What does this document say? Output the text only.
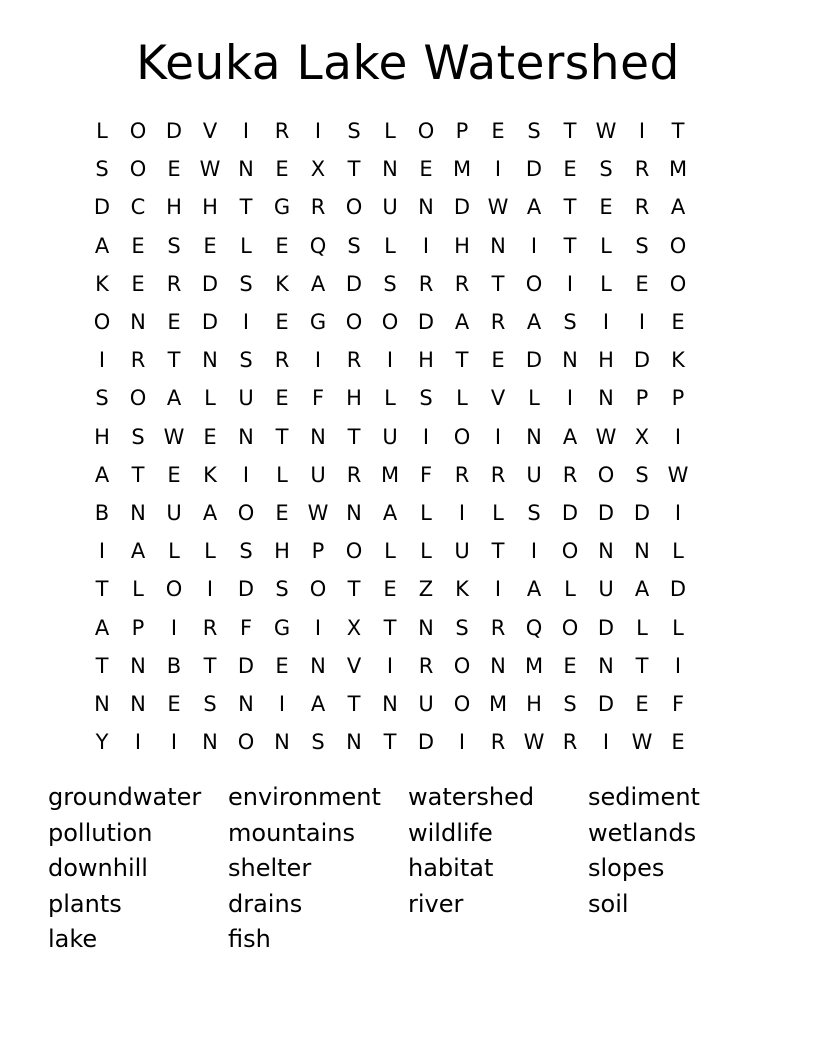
Keuka Lake Watershed
L	O D V	I	R	I	S	L	O	P	E	S	T W	I	T
S	O	E W N	E	X	T	N	E M	I	D	E	S	R M
D C H H	T	G R O U N D W A	T	E	R	A
A	E	S	E	L	E	Q	S	L	I	H N	I	T	L	S	O
K	E	R D	S	K	A D	S	R	R	T	O	I	L	E	O
O N	E	D	I	E	G O O D A	R	A	S	I	I	E
I	R	T	N	S	R	I	R	I	H	T	E	D N H D	K
S	O A	L	U	E	F	H	L	S	L	V	L	I	N	P	P
H	S W E	N	T	N	T	U	I	O	I	N A W X	I
A	T	E	K	I	L	U	R M F	R	R	U	R O	S W
B N U	A O	E W N A	L	I	L	S	D D D	I
I	A	L	L	S	H	P	O	L	L	U	T	I	O N N	L
T	L	O	I	D	S	O	T	E	Z	K	I	A	L	U	A D
A	P	I	R	F	G	I	X	T	N	S	R Q O D	L	L
T	N B	T	D	E	N V	I	R O N M E	N	T	I
N N	E	S	N	I	A	T	N U O M H	S	D	E	F
Y	I	I	N O N	S	N	T	D	I	R W R	I	W E
groundwater	environment	watershed	sediment
pollution	mountains	wildlife	wetlands
downhill	shelter	habitat	slopes
plants	drains	river	soil
lake	fish
